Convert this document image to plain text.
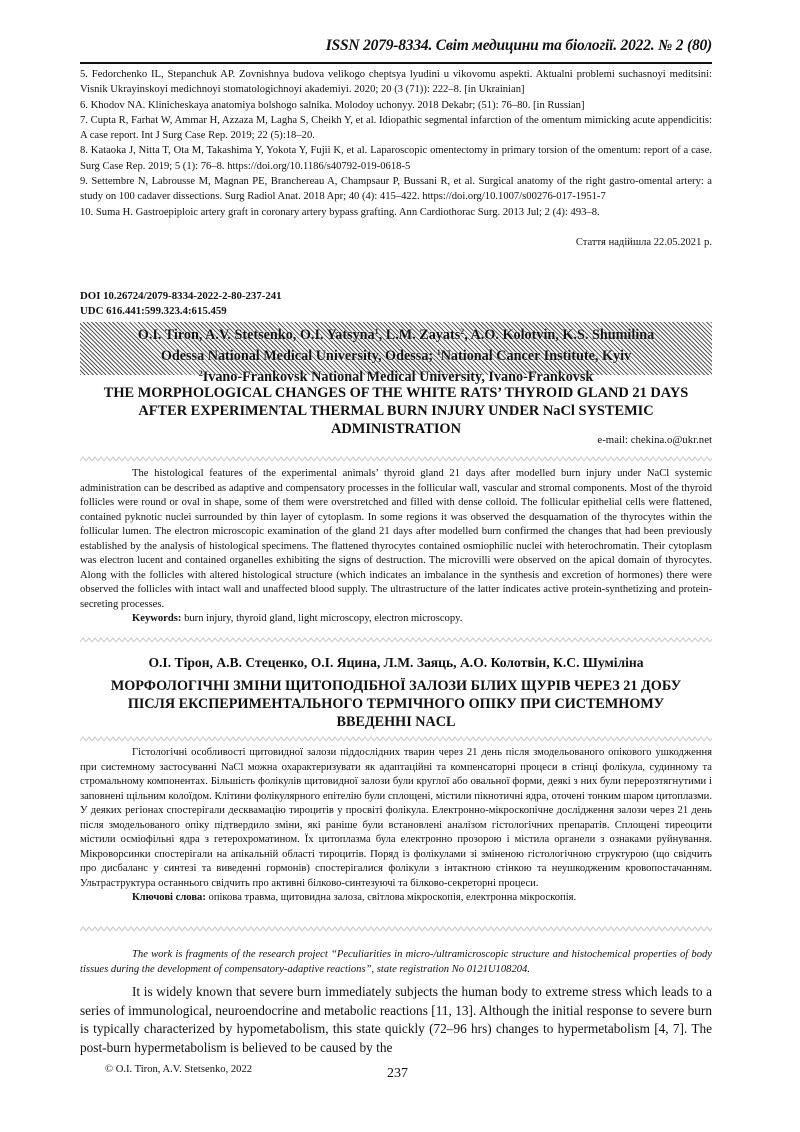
ISSN 2079-8334. Світ медицини та біології. 2022. № 2 (80)

5. Fedorchenko IL, Stepanchuk AP. Zovnishnya budova velikogo cheptsya lyudini u vikovomu aspekti. Aktualni problemi suchasnoyi meditsini: Visnik Ukrayinskoyi medichnoyi stomatologichnoyi akademiyi. 2020; 20 (3 (71)): 222–8. [in Ukrainian]

6. Khodov NA. Klinicheskaya anatomiya bolshogo salnika. Molodoy uchonyy. 2018 Dekabr; (51): 76–80. [in Russian]

7. Cupta R, Farhat W, Ammar H, Azzaza M, Lagha S, Cheikh Y, et al. Idiopathic segmental infarction of the omentum mimicking acute appendicitis: A case report. Int J Surg Case Rep. 2019; 22 (5):18–20.

8. Kataoka J, Nitta T, Ota M, Takashima Y, Yokota Y, Fujii K, et al. Laparoscopic omentectomy in primary torsion of the omentum: report of a case. Surg Case Rep. 2019; 5 (1): 76–8. https://doi.org/10.1186/s40792-019-0618-5

9. Settembre N, Labrousse M, Magnan PE, Branchereau A, Champsaur P, Bussani R, et al. Surgical anatomy of the right gastro-omental artery: a study on 100 cadaver dissections. Surg Radiol Anat. 2018 Apr; 40 (4): 415–422. https://doi.org/10.1007/s00276-017-1951-7

10. Suma H. Gastroepiploic artery graft in coronary artery bypass grafting. Ann Cardiothorac Surg. 2013 Jul; 2 (4): 493–8.

Стаття надійшла 22.05.2021 р.
DOI 10.26724/2079-8334-2022-2-80-237-241
UDC 616.441:599.323.4:615.459
O.I. Tiron, A.V. Stetsenko, O.I. Yatsyna$^1$, L.M. Zayats$^2$, A.O. Kolotvin, K.S. Shumilina
Odessa National Medical University, Odessa; $^1$National Cancer Institute, Kyiv
$^2$Ivano-Frankovsk National Medical University, Ivano-Frankovsk
THE MORPHOLOGICAL CHANGES OF THE WHITE RATS’ THYROID GLAND 21 DAYS
AFTER EXPERIMENTAL THERMAL BURN INJURY UNDER NaCl SYSTEMIC
ADMINISTRATION
e-mail: chekina.o@ukr.net

The histological features of the experimental animals’ thyroid gland 21 days after modelled burn injury under NaCl systemic administration can be described as adaptive and compensatory processes in the follicular wall, vascular and stromal components. Most of the thyroid follicles were round or oval in shape, some of them were overstretched and filled with dense colloid. The follicular epithelial cells were flattened, contained pyknotic nuclei surrounded by thin layer of cytoplasm. In some regions it was observed the desquamation of the thyrocytes within the follicular lumen. The electron microscopic examination of the gland 21 days after modelled burn confirmed the changes that had been previously established by the analysis of histological specimens. The flattened thyrocytes contained osmiophilic nuclei with heterochromatin. Their cytoplasm was electron lucent and contained organelles exhibiting the signs of destruction. The microvilli were observed on the apical domain of thyrocytes. Along with the follicles with altered histological structure (which indicates an imbalance in the synthesis and excretion of hormones) there were observed the follicles with intact wall and unaffected blood supply. The ultrastructure of the latter indicates active protein-synthetizing and protein-secreting processes.

Keywords: burn injury, thyroid gland, light microscopy, electron microscopy.
О.І. Тірон, А.В. Стеценко, О.І. Яцина, Л.М. Заяць, А.О. Колотвін, К.С. Шуміліна
МОРФОЛОГІЧНІ ЗМІНИ ЩИТОПОДІБНОЇ ЗАЛОЗИ БІЛИХ ЩУРІВ ЧЕРЕЗ 21 ДОБУ
ПІСЛЯ ЕКСПЕРИМЕНТАЛЬНОГО ТЕРМІЧНОГО ОПІКУ ПРИ СИСТЕМНОМУ
ВВЕДЕННІ NACL

Гістологічні особливості щитовидної залози піддослідних тварин через 21 день після змодельованого опікового ушкодження при системному застосуванні NaCl можна охарактеризувати як адаптаційні та компенсаторні процеси в стінці фолікула, судинному та стромальному компонентах. Більшість фолікулів щитовидної залози були круглої або овальної форми, деякі з них були перерозтягнутими і заповнені щільним колоїдом. Клітини фолікулярного епітелію були сплощені, містили пікнотичні ядра, оточені тонким шаром цитоплазми. У деяких регіонах спостерігали десквамацію тироцитів у просвіті фолікула. Електронно-мікроскопічне дослідження залози через 21 день після змодельованого опіку підтвердило зміни, які раніше були встановлені аналізом гістологічних препаратів. Сплощені тиреоцити містили осміофільні ядра з гетерохроматином. Їх цитоплазма була електронно прозорою і містила органели з ознаками руйнування. Мікроворсинки спостерігали на апікальній області тироцитів. Поряд із фолікулами зі зміненою гістологічною структурою (що свідчить про дисбаланс у синтезі та виведенні гормонів) спостерігалися фолікули з інтактною стінкою та неушкодженим кровопостачанням. Ультраструктура останнього свідчить про активні білково-синтезуючі та білково-секреторні процеси.

Ключові слова: опікова травма, щитовидна залоза, світлова мікроскопія, електронна мікроскопія.

The work is fragments of the research project “Peculiarities in micro-/ultramicroscopic structure and histochemical properties of body tissues during the development of compensatory-adaptive reactions”, state registration No 0121U108204.

It is widely known that severe burn immediately subjects the human body to extreme stress which leads to a series of immunological, neuroendocrine and metabolic reactions [11, 13]. Although the initial response to severe burn is typically characterized by hypometabolism, this state quickly (72–96 hrs) changes to hypermetabolism [4, 7]. The post-burn hypermetabolism is believed to be caused by the

© O.I. Tiron, A.V. Stetsenko, 2022	237
